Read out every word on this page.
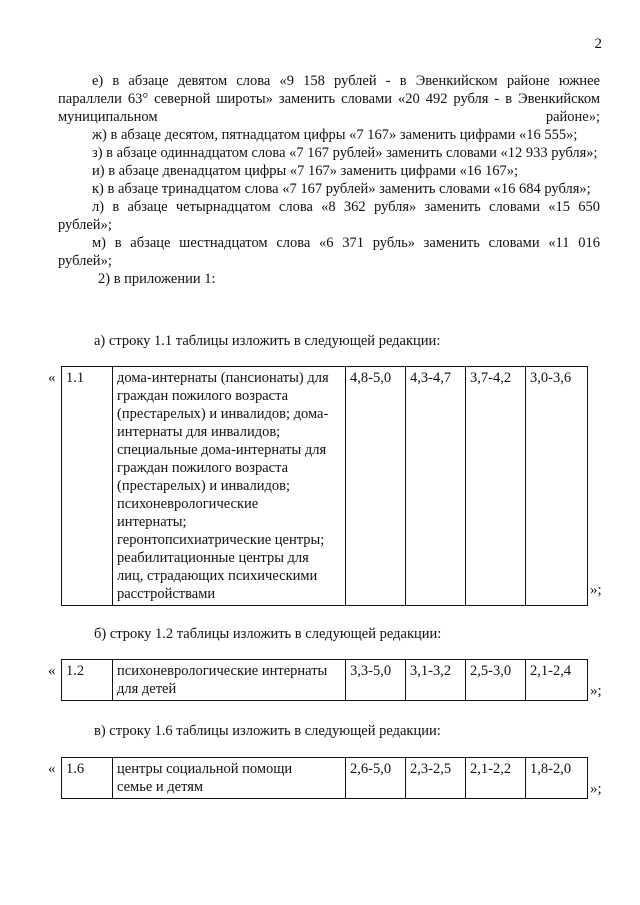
2

е) в абзаце девятом слова «9 158 рублей - в Эвенкийском районе южнее параллели 63° северной широты» заменить словами «20 492 рубля - в Эвенкийском муниципальном районе»;

ж) в абзаце десятом, пятнадцатом цифры «7 167» заменить цифрами «16 555»;

з) в абзаце одиннадцатом слова «7 167 рублей» заменить словами «12 933 рубля»;

и) в абзаце двенадцатом цифры «7 167» заменить цифрами «16 167»;

к) в абзаце тринадцатом слова «7 167 рублей» заменить словами «16 684 рубля»;

л) в абзаце четырнадцатом слова «8 362 рубля» заменить словами «15 650 рублей»;

м) в абзаце шестнадцатом слова «6 371 рубль» заменить словами «11 016 рублей»;

2) в приложении 1:

а) строку 1.1 таблицы изложить в следующей редакции:
« 1.1	дома-интернаты (пансионаты) для
граждан пожилого возраста
(престарелых) и инвалидов; дома-
интернаты для инвалидов;
специальные дома-интернаты для
граждан пожилого возраста
(престарелых) и инвалидов;
психоневрологические
интернаты;
геронтопсихиатрические центры;
реабилитационные центры для
лиц, страдающих психическими
расстройствами
	4,8-5,0	4,3-4,7	3,7-4,2	3,0-3,6
»;
б) строку 1.2 таблицы изложить в следующей редакции:
« 1.2	психоневрологические интернаты
для детей
	3,3-5,0	3,1-3,2	2,5-3,0	2,1-2,4
»;
в) строку 1.6 таблицы изложить в следующей редакции:
« 1.6	центры социальной помощи
семье и детям
	2,6-5,0	2,3-2,5	2,1-2,2	1,8-2,0
»;
